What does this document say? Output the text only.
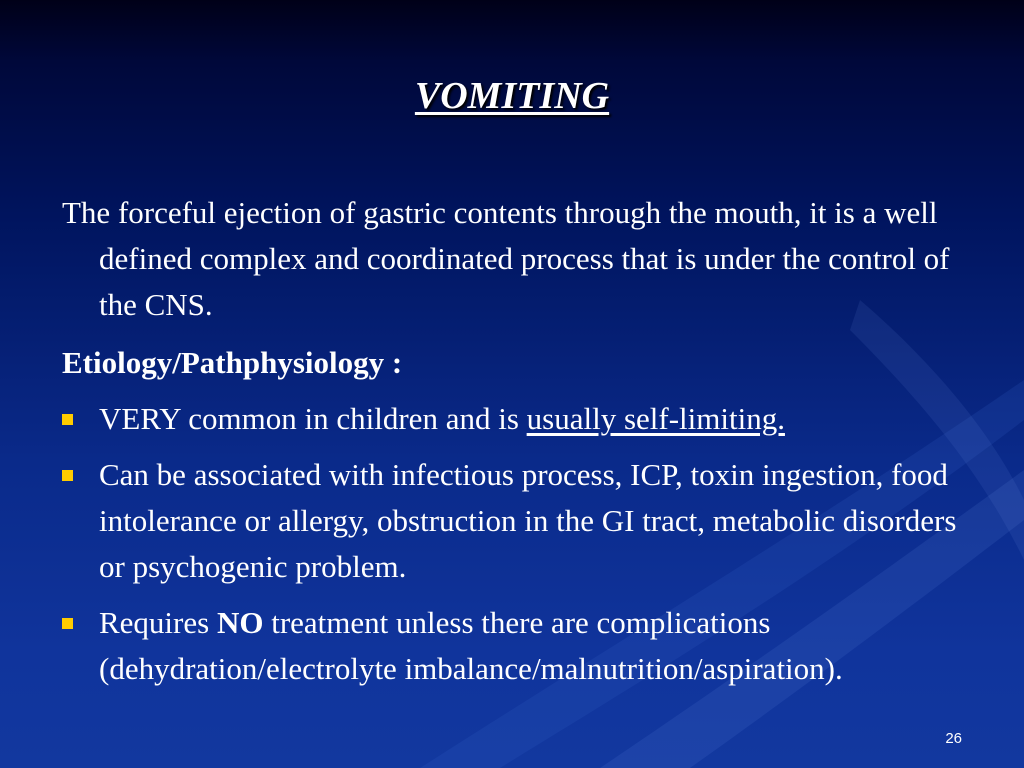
VOMITING

The forceful ejection of gastric contents through the mouth, it is a well defined complex and coordinated process that is under the control of the CNS.

Etiology/Pathphysiology :

VERY common in children and is usually self-limiting.
Can be associated with infectious process, ICP, toxin ingestion, food intolerance or allergy, obstruction in the GI tract, metabolic disorders or psychogenic problem.
Requires NO treatment unless there are complications (dehydration/electrolyte imbalance/malnutrition/aspiration).
26
